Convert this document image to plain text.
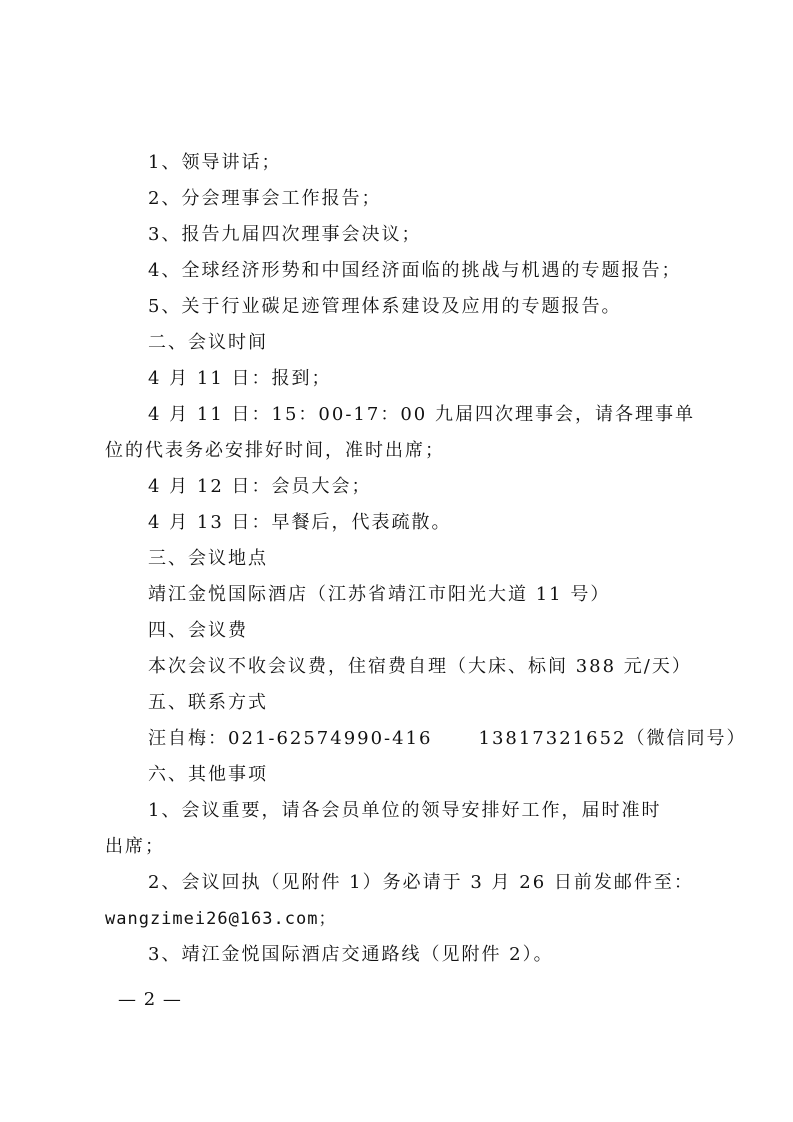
1、领导讲话；
2、分会理事会工作报告；
3、报告九届四次理事会决议；
4、全球经济形势和中国经济面临的挑战与机遇的专题报告；
5、关于行业碳足迹管理体系建设及应用的专题报告。
二、会议时间
4 月 11 日：报到；
4 月 11 日：15：00-17：00 九届四次理事会，请各理事单
位的代表务必安排好时间，准时出席；
4 月 12 日：会员大会；
4 月 13 日：早餐后，代表疏散。
三、会议地点
靖江金悦国际酒店（江苏省靖江市阳光大道 11 号）
四、会议费
本次会议不收会议费，住宿费自理（大床、标间 388 元/天）
五、联系方式
汪自梅：021-62574990-416	13817321652（微信同号）
六、其他事项
1、会议重要，请各会员单位的领导安排好工作，届时准时
出席；
2、会议回执（见附件 1）务必请于 3 月 26 日前发邮件至：
wangzimei26@163.com；
3、靖江金悦国际酒店交通路线（见附件 2）。
— 2 —
